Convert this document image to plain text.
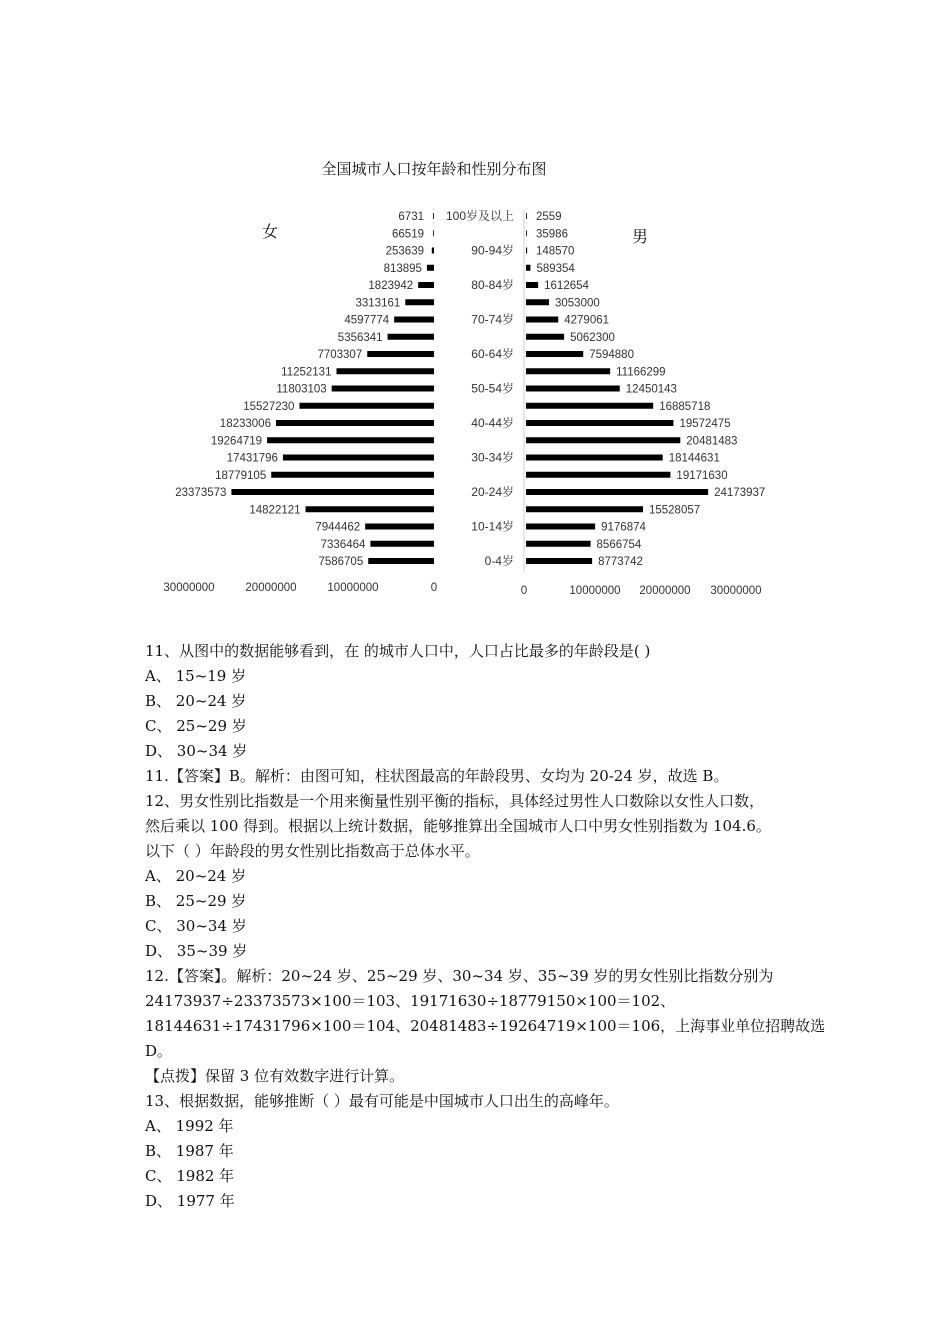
全国城市人口按年龄和性别分布图
女	男
6731	2559
100岁及以上
66519	35986
253639	148570
90-94岁
813895	589354
1823942	1612654
80-84岁
3313161	3053000
4597774	4279061
70-74岁
5356341	5062300
7703307	7594880
60-64岁
11252131	11166299
11803103	12450143
50-54岁
15527230	16885718
18233006	19572475
40-44岁
19264719	20481483
17431796	18144631
30-34岁
18779105	19171630
23373573	24173937
20-24岁
14822121	15528057
7944462	9176874
10-14岁
7336464	8566754
7586705	8773742
0-4岁
30000000	20000000	10000000	0	0	10000000 20000000 30000000
11、从图中的数据能够看到，在 的城市人口中，人口占比最多的年龄段是( )
A、 15~19 岁
B、 20~24 岁
C、 25~29 岁
D、 30~34 岁
11.【答案】B。解析：由图可知，柱状图最高的年龄段男、女均为 20-24 岁，故选 B。
12、男女性别比指数是一个用来衡量性别平衡的指标，具体经过男性人口数除以女性人口数，
然后乘以 100 得到。根据以上统计数据，能够推算出全国城市人口中男女性别指数为 104.6。
以下（ ）年龄段的男女性别比指数高于总体水平。
A、 20~24 岁
B、 25~29 岁
C、 30~34 岁
D、 35~39 岁
12.【答案】。解析：20~24 岁、25~29 岁、30~34 岁、35~39 岁的男女性别比指数分别为
24173937÷23373573×100＝103、19171630÷18779150×100＝102、
18144631÷17431796×100＝104、20481483÷19264719×100＝106，上海事业单位招聘故选
D。
【点拨】保留 3 位有效数字进行计算。
13、根据数据，能够推断（ ）最有可能是中国城市人口出生的高峰年。
A、 1992 年
B、 1987 年
C、 1982 年
D、 1977 年
